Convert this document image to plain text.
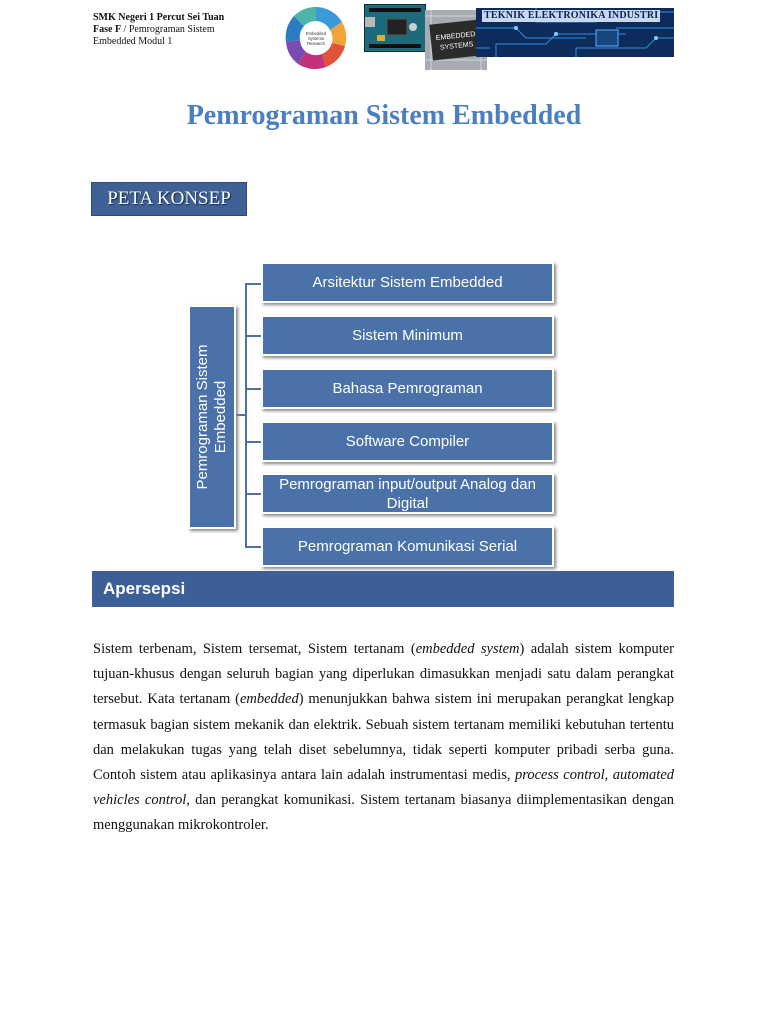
SMK Negeri 1 Percut Sei Tuan
Fase F / Pemrograman Sistem
Embedded Modul 1
Embedded
Systems
Research
EMBEDDED
SYSTEMS
TEKNIK ELEKTRONIKA INDUSTRI
Pemrograman Sistem Embedded
PETA KONSEP
Pemrograman Sistem Embedded
Arsitektur Sistem Embedded
Sistem Minimum
Bahasa Pemrograman
Software Compiler
Pemrograman input/output Analog dan Digital
Pemrograman Komunikasi Serial
Apersepsi
Sistem terbenam, Sistem tersemat, Sistem tertanam (embedded system) adalah sistem komputer tujuan-khusus dengan seluruh bagian yang diperlukan dimasukkan menjadi satu dalam perangkat tersebut. Kata tertanam (embedded) menunjukkan bahwa sistem ini merupakan perangkat lengkap termasuk bagian sistem mekanik dan elektrik. Sebuah sistem tertanam memiliki kebutuhan tertentu dan melakukan tugas yang telah diset sebelumnya, tidak seperti komputer pribadi serba guna. Contoh sistem atau aplikasinya antara lain adalah instrumentasi medis, process control, automated vehicles control, dan perangkat komunikasi. Sistem tertanam biasanya diimplementasikan dengan menggunakan mikrokontroler.
